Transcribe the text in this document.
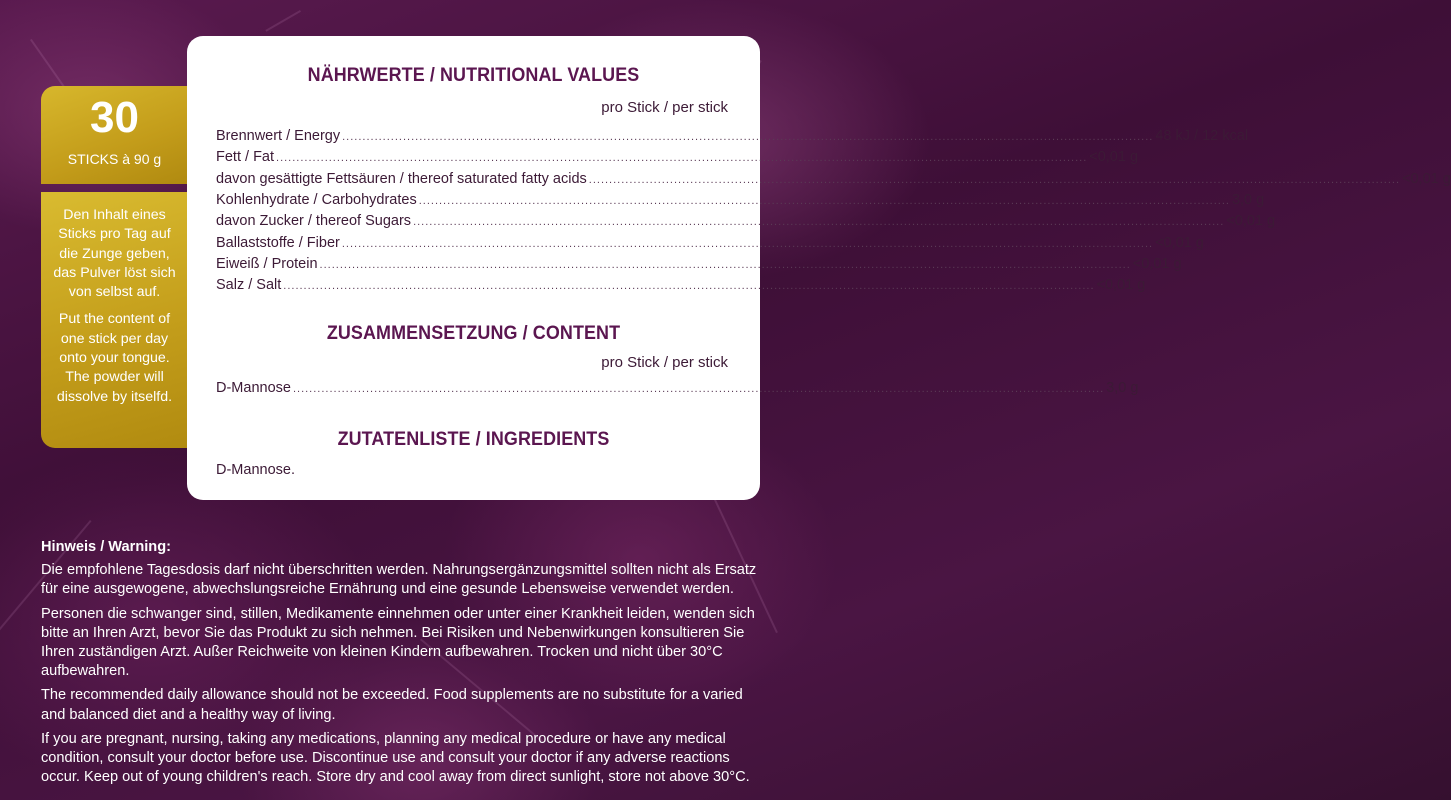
30
STICKS à 90 g

Den Inhalt eines Sticks pro Tag auf die Zunge geben, das Pulver löst sich von selbst auf.

Put the content of one stick per day onto your tongue. The powder will dissolve by itselfd.

NÄHRWERTE / NUTRITIONAL VALUES
pro Stick / per stick
Brennwert / Energy ........................................................................................................................................................................................................ 48 kJ / 12 kcal
Fett / Fat ........................................................................................................................................................................................................ <0,01 g
davon gesättigte Fettsäuren / thereof saturated fatty acids ........................................................................................................................................................................................................ <0,01 g
Kohlenhydrate / Carbohydrates ........................................................................................................................................................................................................ 3,0 g
davon Zucker / thereof Sugars ........................................................................................................................................................................................................ <0,01 g
Ballaststoffe / Fiber ........................................................................................................................................................................................................ <0,01 g
Eiweiß / Protein ........................................................................................................................................................................................................ <0,01 g
Salz / Salt ........................................................................................................................................................................................................ <0,01 g
ZUSAMMENSETZUNG / CONTENT
pro Stick / per stick
D-Mannose ........................................................................................................................................................................................................ 3,0 g
ZUTATENLISTE / INGREDIENTS
D-Mannose.
Hinweis / Warning:

Die empfohlene Tagesdosis darf nicht überschritten werden. Nahrungsergänzungsmittel sollten nicht als Ersatz für eine ausgewogene, abwechslungsreiche Ernährung und eine gesunde Lebensweise verwendet werden.

Personen die schwanger sind, stillen, Medikamente einnehmen oder unter einer Krankheit leiden, wenden sich bitte an Ihren Arzt, bevor Sie das Produkt zu sich nehmen. Bei Risiken und Nebenwirkungen konsultieren Sie Ihren zuständigen Arzt. Außer Reichweite von kleinen Kindern aufbewahren. Trocken und nicht über 30°C aufbewahren.

The recommended daily allowance should not be exceeded. Food supplements are no substitute for a varied and balanced diet and a healthy way of living.

If you are pregnant, nursing, taking any medications, planning any medical procedure or have any medical condition, consult your doctor before use. Discontinue use and consult your doctor if any adverse reactions occur. Keep out of young children's reach. Store dry and cool away from direct sunlight, store not above 30°C.
